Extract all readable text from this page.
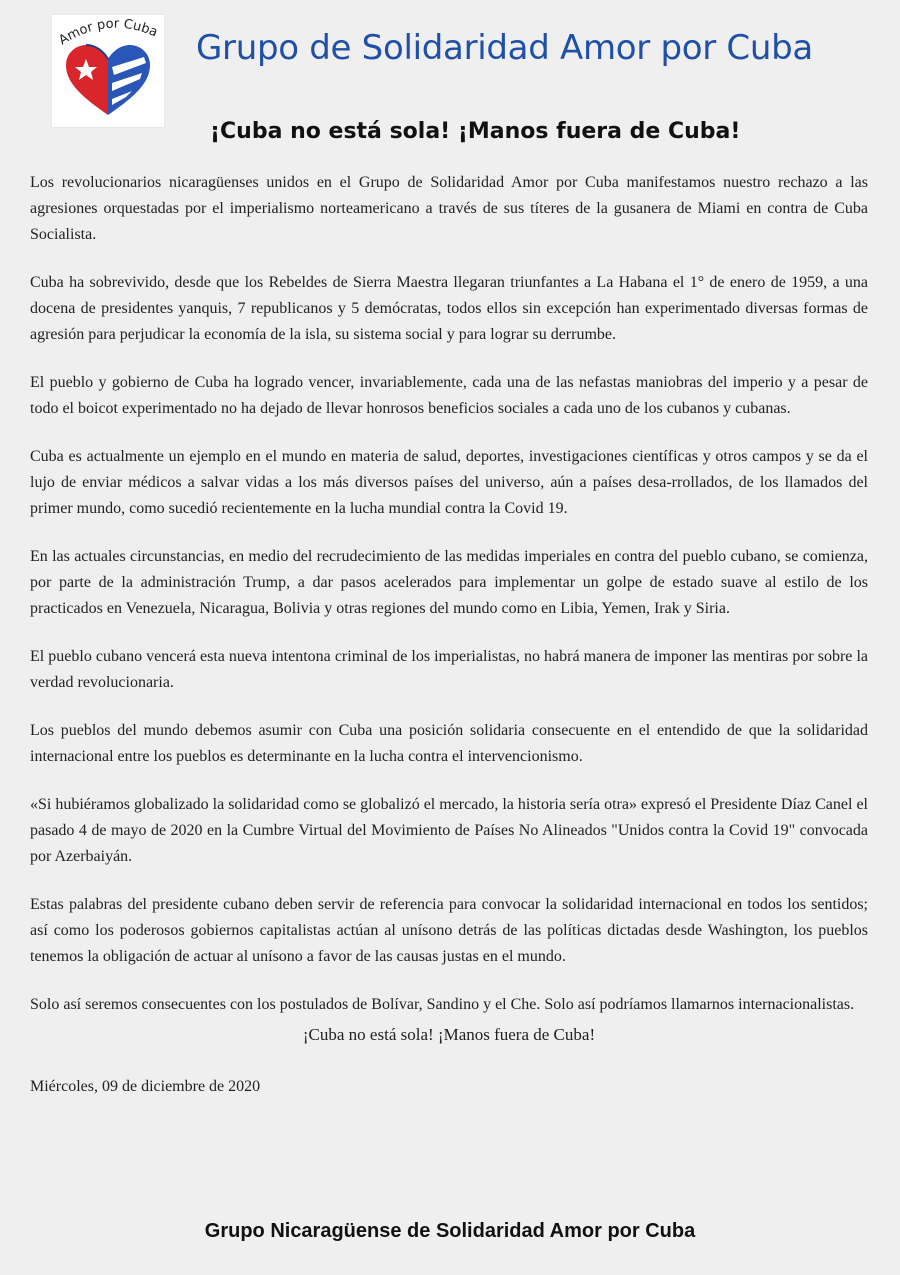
Amor por Cuba Grupo de Solidaridad Amor por Cuba
¡Cuba no está sola! ¡Manos fuera de Cuba!

Los revolucionarios nicaragüenses unidos en el Grupo de Solidaridad Amor por Cuba manifestamos nuestro rechazo a las agresiones orquestadas por el imperialismo norteamericano a través de sus títeres de la gusanera de Miami en contra de Cuba Socialista.

Cuba ha sobrevivido, desde que los Rebeldes de Sierra Maestra llegaran triunfantes a La Habana el 1° de enero de 1959, a una docena de presidentes yanquis, 7 republicanos y 5 demócratas, todos ellos sin excepción han experimentado diversas formas de agresión para perjudicar la economía de la isla, su sistema social y para lograr su derrumbe.

El pueblo y gobierno de Cuba ha logrado vencer, invariablemente, cada una de las nefastas maniobras del imperio y a pesar de todo el boicot experimentado no ha dejado de llevar honrosos beneficios sociales a cada uno de los cubanos y cubanas.

Cuba es actualmente un ejemplo en el mundo en materia de salud, deportes, investigaciones científicas y otros campos y se da el lujo de enviar médicos a salvar vidas a los más diversos países del universo, aún a países desa-rrollados, de los llamados del primer mundo, como sucedió recientemente en la lucha mundial contra la Covid 19.

En las actuales circunstancias, en medio del recrudecimiento de las medidas imperiales en contra del pueblo cubano, se comienza, por parte de la administración Trump, a dar pasos acelerados para implementar un golpe de estado suave al estilo de los practicados en Venezuela, Nicaragua, Bolivia y otras regiones del mundo como en Libia, Yemen, Irak y Siria.

El pueblo cubano vencerá esta nueva intentona criminal de los imperialistas, no habrá manera de imponer las mentiras por sobre la verdad revolucionaria.

Los pueblos del mundo debemos asumir con Cuba una posición solidaria consecuente en el entendido de que la solidaridad internacional entre los pueblos es determinante en la lucha contra el intervencionismo.

«Si hubiéramos globalizado la solidaridad como se globalizó el mercado, la historia sería otra» expresó el Presidente Díaz Canel el pasado 4 de mayo de 2020 en la Cumbre Virtual del Movimiento de Países No Alineados "Unidos contra la Covid 19" convocada por Azerbaiyán.

Estas palabras del presidente cubano deben servir de referencia para convocar la solidaridad internacional en todos los sentidos; así como los poderosos gobiernos capitalistas actúan al unísono detrás de las políticas dictadas desde Washington, los pueblos tenemos la obligación de actuar al unísono a favor de las causas justas en el mundo.

Solo así seremos consecuentes con los postulados de Bolívar, Sandino y el Che. Solo así podríamos llamarnos internacionalistas.

¡Cuba no está sola! ¡Manos fuera de Cuba!
Miércoles, 09 de diciembre de 2020
Grupo Nicaragüense de Solidaridad Amor por Cuba
